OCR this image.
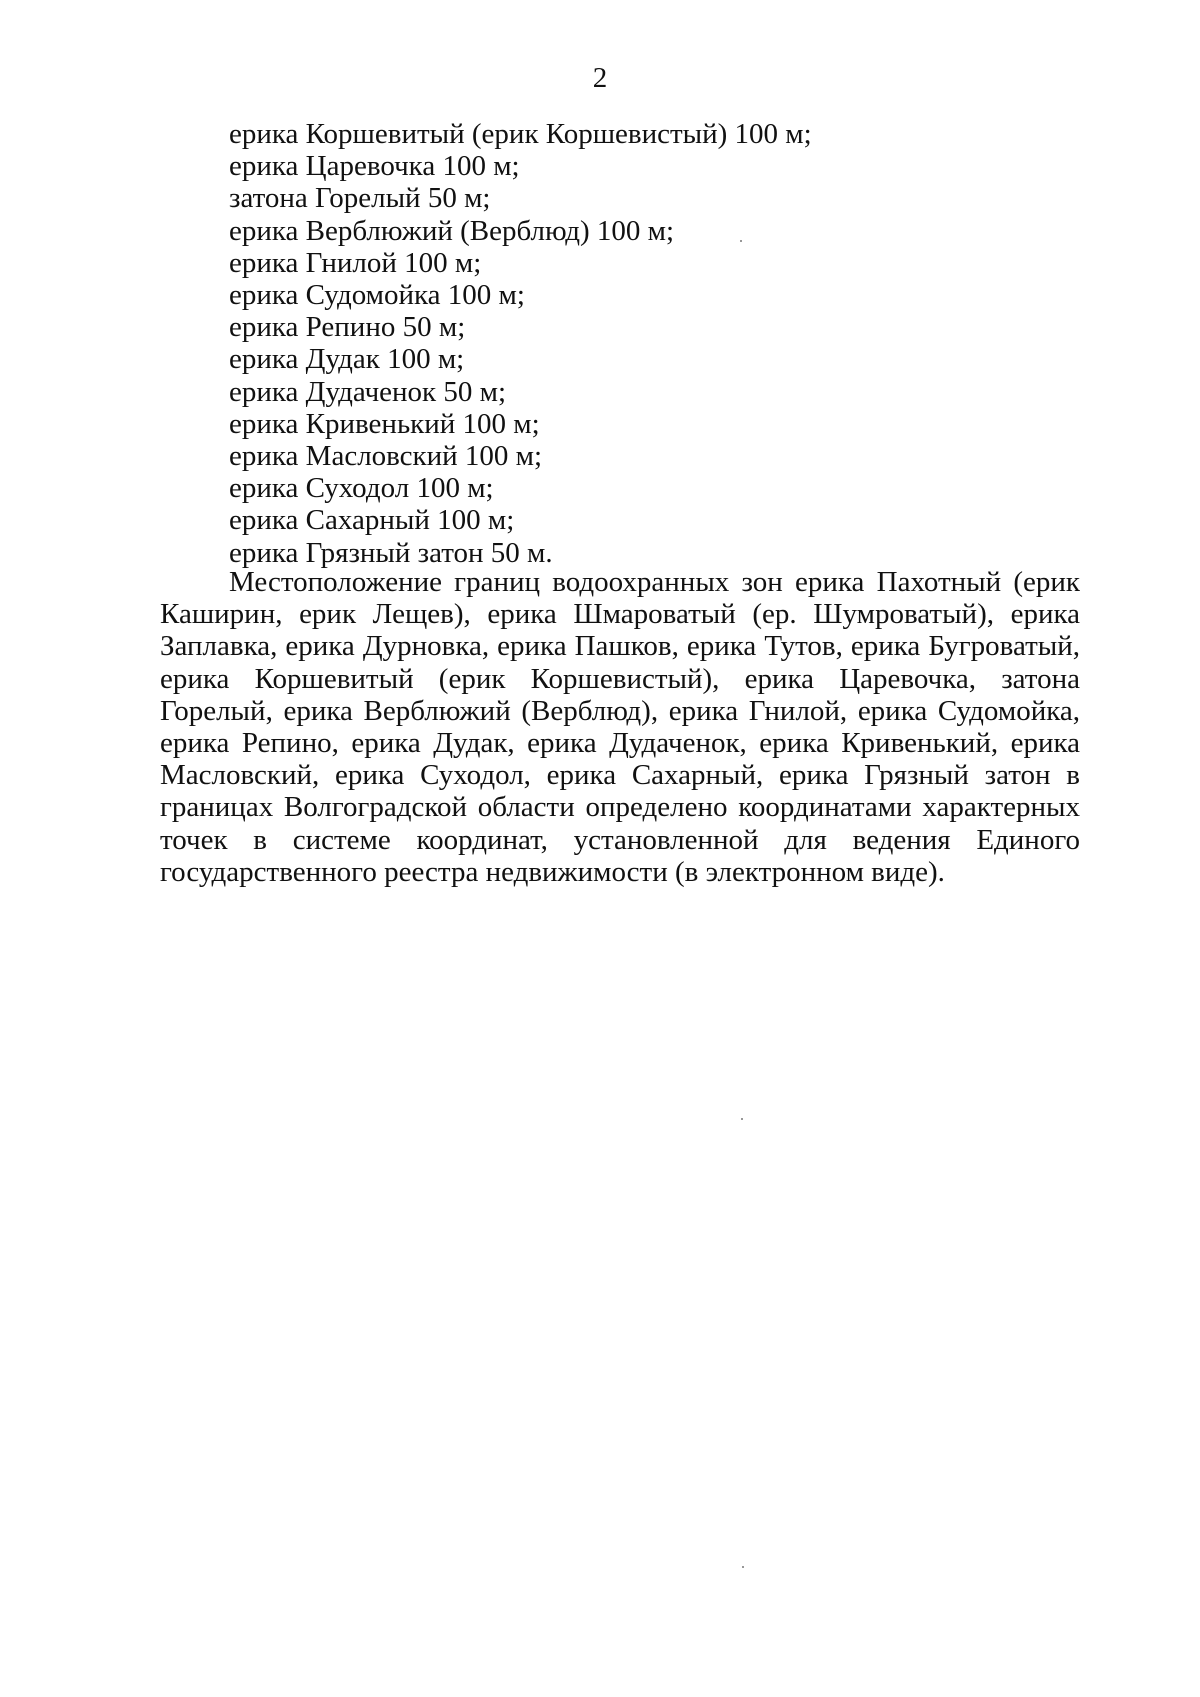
2
ерика Коршевитый (ерик Коршевистый) 100 м;
ерика Царевочка 100 м;
затона Горелый 50 м;
ерика Верблюжий (Верблюд) 100 м;
ерика Гнилой 100 м;
ерика Судомойка 100 м;
ерика Репино 50 м;
ерика Дудак 100 м;
ерика Дудаченок 50 м;
ерика Кривенький 100 м;
ерика Масловский 100 м;
ерика Суходол 100 м;
ерика Сахарный 100 м;
ерика Грязный затон 50 м.

Местоположение границ водоохранных зон ерика Пахотный (ерик Каширин, ерик Лещев), ерика Шмароватый (ер. Шумроватый), ерика Заплавка, ерика Дурновка, ерика Пашков, ерика Тутов, ерика Бугроватый, ерика Коршевитый (ерик Коршевистый), ерика Царевочка, затона Горелый, ерика Верблюжий (Верблюд), ерика Гнилой, ерика Судомойка, ерика Репино, ерика Дудак, ерика Дудаченок, ерика Кривенький, ерика Масловский, ерика Суходол, ерика Сахарный, ерика Грязный затон в границах Волгоградской области определено координатами характерных точек в системе координат, установленной для ведения Единого государственного реестра недвижимости (в электронном виде).
